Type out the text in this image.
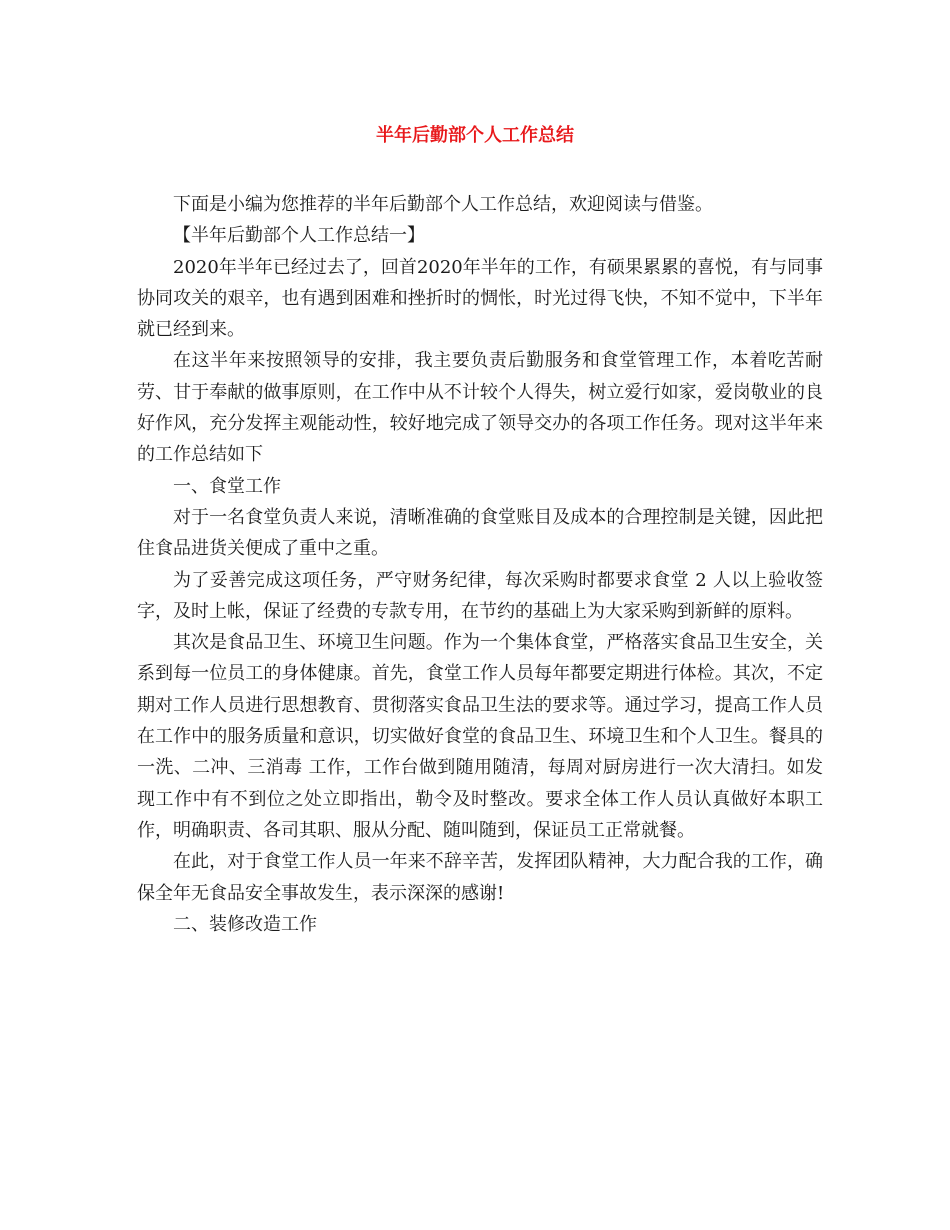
半年后勤部个人工作总结

下面是小编为您推荐的半年后勤部个人工作总结，欢迎阅读与借鉴。

【半年后勤部个人工作总结一】

2020年半年已经过去了，回首2020年半年的工作，有硕果累累的喜悦，有与同事协同攻关的艰辛，也有遇到困难和挫折时的惆怅，时光过得飞快，不知不觉中，下半年就已经到来。

在这半年来按照领导的安排，我主要负责后勤服务和食堂管理工作，本着吃苦耐劳、甘于奉献的做事原则，在工作中从不计较个人得失，树立爱行如家，爱岗敬业的良好作风，充分发挥主观能动性，较好地完成了领导交办的各项工作任务。现对这半年来的工作总结如下

一、食堂工作

对于一名食堂负责人来说，清晰准确的食堂账目及成本的合理控制是关键，因此把住食品进货关便成了重中之重。

为了妥善完成这项任务，严守财务纪律，每次采购时都要求食堂 2 人以上验收签字，及时上帐，保证了经费的专款专用，在节约的基础上为大家采购到新鲜的原料。

其次是食品卫生、环境卫生问题。作为一个集体食堂，严格落实食品卫生安全，关系到每一位员工的身体健康。首先，食堂工作人员每年都要定期进行体检。其次，不定期对工作人员进行思想教育、贯彻落实食品卫生法的要求等。通过学习，提高工作人员在工作中的服务质量和意识，切实做好食堂的食品卫生、环境卫生和个人卫生。餐具的 一洗、二冲、三消毒 工作，工作台做到随用随清，每周对厨房进行一次大清扫。如发现工作中有不到位之处立即指出，勒令及时整改。要求全体工作人员认真做好本职工作，明确职责、各司其职、服从分配、随叫随到，保证员工正常就餐。

在此，对于食堂工作人员一年来不辞辛苦，发挥团队精神，大力配合我的工作，确保全年无食品安全事故发生，表示深深的感谢!

二、装修改造工作
